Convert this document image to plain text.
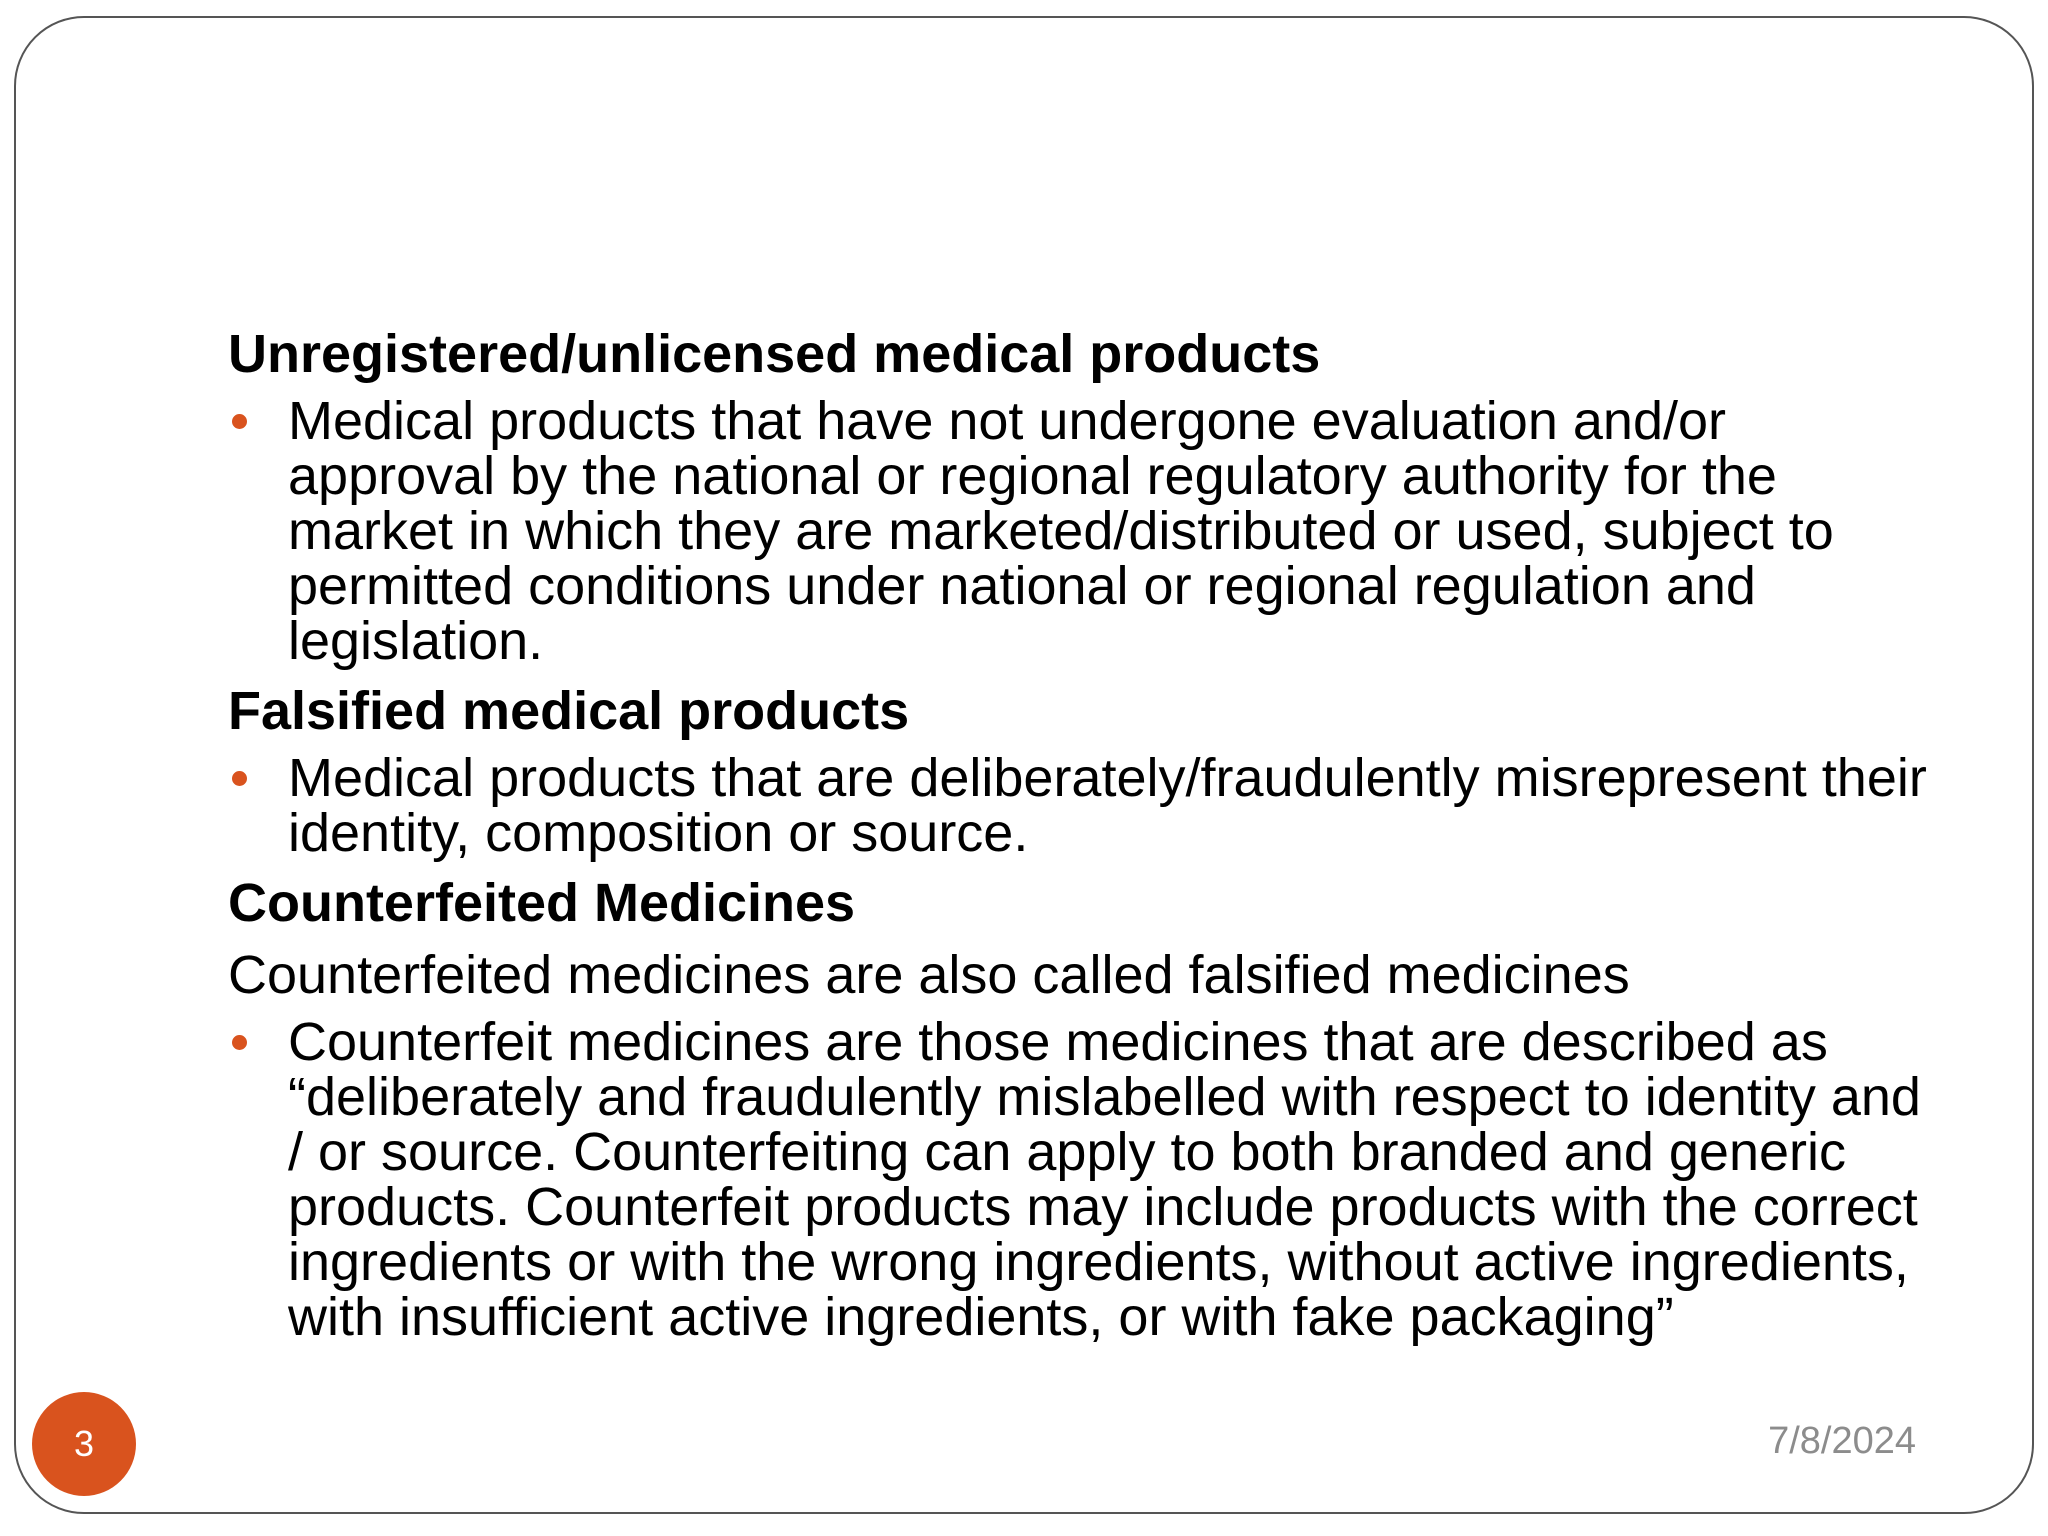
Unregistered/unlicensed medical products
Medical products that have not undergone evaluation and/or approval by the national or regional regulatory authority for the market in which they are marketed/distributed or used, subject to permitted conditions under national or regional regulation and legislation.
Falsified medical products
Medical products that are deliberately/fraudulently misrepresent their identity, composition or source.
Counterfeited Medicines
Counterfeited medicines are also called falsified medicines
Counterfeit medicines are those medicines that are described as “deliberately and fraudulently mislabelled with respect to identity and / or source. Counterfeiting can apply to both branded and generic products. Counterfeit products may include products with the correct ingredients or with the wrong ingredients, without active ingredients, with insufficient active ingredients, or with fake packaging”
3	7/8/2024
